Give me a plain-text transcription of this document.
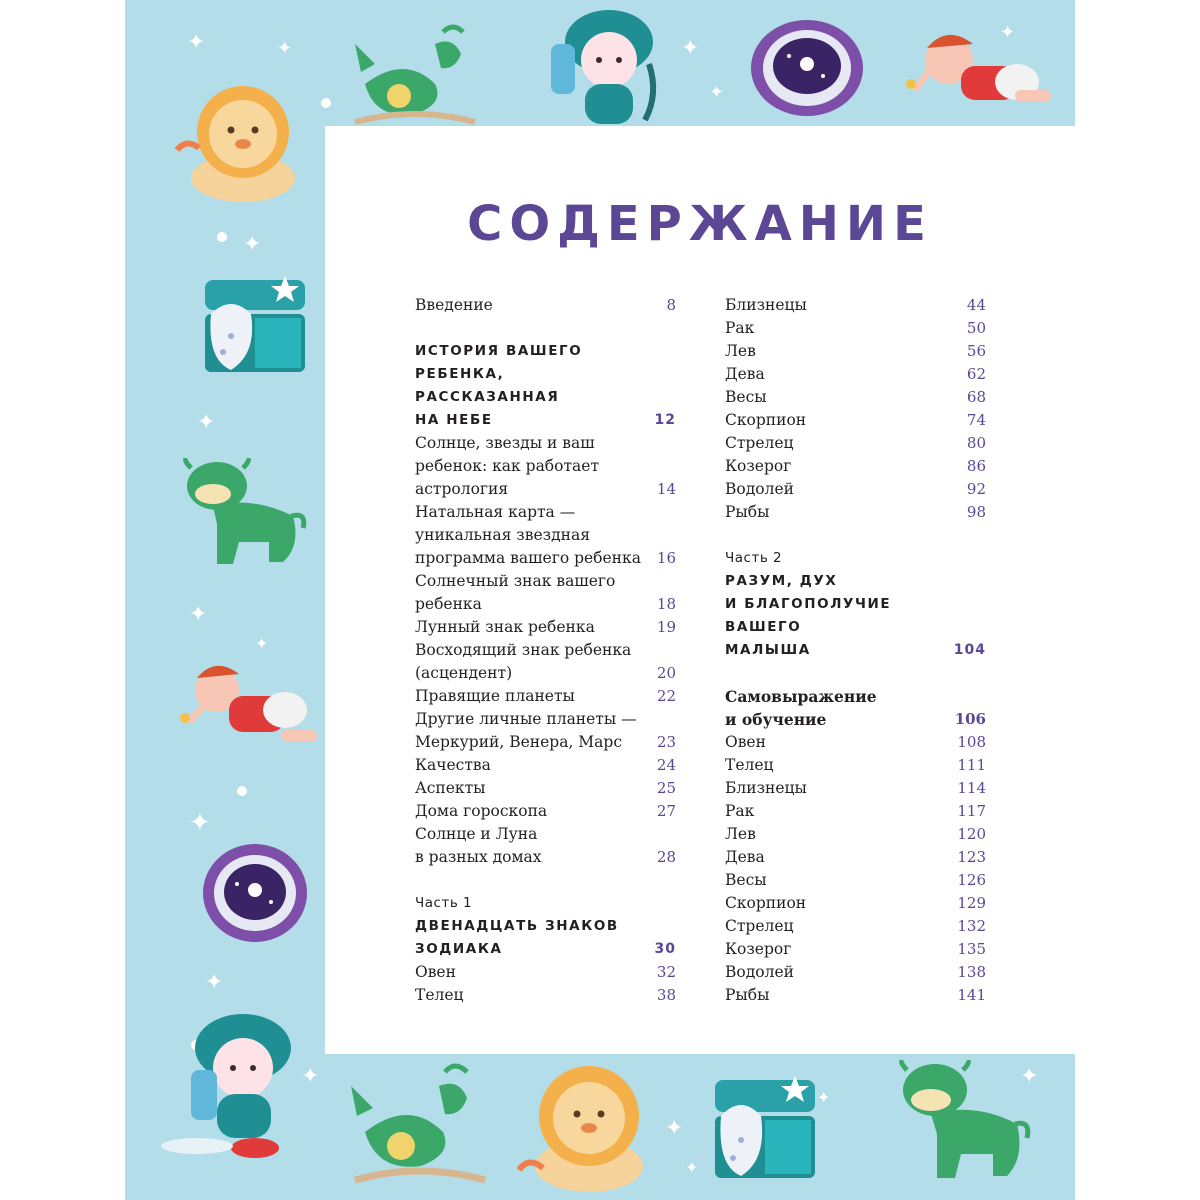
✦	✦	✦
✦
✦
✦
✦
✦
✦
✦
✦
✦
✦
✦
✦
✦
СОДЕРЖАНИЕ
Введение	8
ИСТОРИЯ ВАШЕГО
РЕБЕНКА,
РАССКАЗАННАЯ
НА НЕБЕ	12
Солнце, звезды и ваш
ребенок: как работает
астрология	14
Натальная карта —
уникальная звездная
программа вашего ребенка 16
Солнечный знак вашего
ребенка	18
Лунный знак ребенка	19
Восходящий знак ребенка
(асцендент)	20
Правящие планеты	22
Другие личные планеты —
Меркурий, Венера, Марс 23
Качества	24
Аспекты	25
Дома гороскопа	27
Солнце и Луна
в разных домах	28
Часть 1
ДВЕНАДЦАТЬ ЗНАКОВ
ЗОДИАКА	30
Овен	32
Телец	38
Близнецы	44
Рак	50
Лев	56
Дева	62
Весы	68
Скорпион	74
Стрелец	80
Козерог	86
Водолей	92
Рыбы	98
Часть 2
РАЗУМ, ДУХ
И БЛАГОПОЛУЧИЕ
ВАШЕГО
МАЛЫША	104
Самовыражение
и обучение	106
Овен	108
Телец	111
Близнецы	114
Рак	117
Лев	120
Дева	123
Весы	126
Скорпион	129
Стрелец	132
Козерог	135
Водолей	138
Рыбы	141
